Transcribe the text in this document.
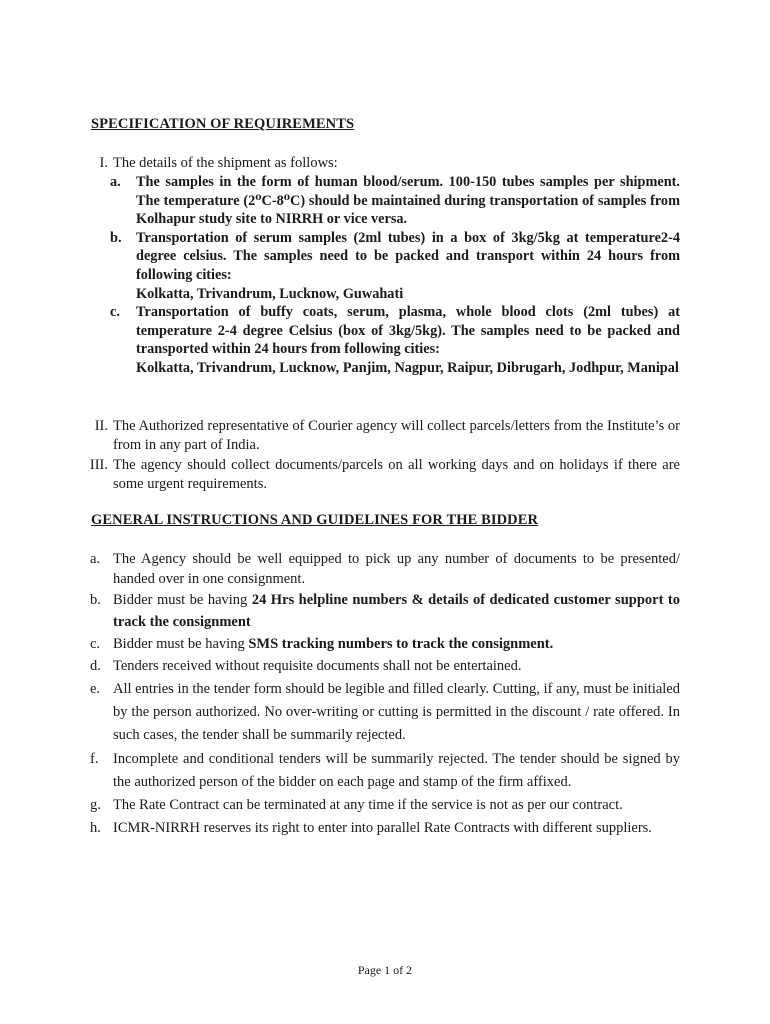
SPECIFICATION OF REQUIREMENTS
I. The details of the shipment as follows:
a.	The samples in the form of human blood/serum. 100-150 tubes samples per shipment. The temperature (2⁰C-8⁰C) should be maintained during transportation of samples from Kolhapur study site to NIRRH or vice versa.
b.	Transportation of serum samples (2ml tubes) in a box of 3kg/5kg at temperature2-4 degree celsius. The samples need to be packed and transport within 24 hours from following cities:
Kolkatta, Trivandrum, Lucknow, Guwahati
c.	Transportation of buffy coats, serum, plasma, whole blood clots (2ml tubes) at temperature 2-4 degree Celsius (box of 3kg/5kg). The samples need to be packed and transported within 24 hours from following cities:
Kolkatta, Trivandrum, Lucknow, Panjim, Nagpur, Raipur, Dibrugarh, Jodhpur, Manipal
II. The Authorized representative of Courier agency will collect parcels/letters from the Institute’s or from in any part of India.
III. The agency should collect documents/parcels on all working days and on holidays if there are some urgent requirements.
GENERAL INSTRUCTIONS AND GUIDELINES FOR THE BIDDER
a. The Agency should be well equipped to pick up any number of documents to be presented/ handed over in one consignment.
b. Bidder must be having 24 Hrs helpline numbers & details of dedicated customer support to track the consignment
c. Bidder must be having SMS tracking numbers to track the consignment.
d. Tenders received without requisite documents shall not be entertained.
e. All entries in the tender form should be legible and filled clearly. Cutting, if any, must be initialed by the person authorized. No over-writing or cutting is permitted in the discount / rate offered. In such cases, the tender shall be summarily rejected.
f.	Incomplete and conditional tenders will be summarily rejected. The tender should be signed by the authorized person of the bidder on each page and stamp of the firm affixed.
g. The Rate Contract can be terminated at any time if the service is not as per our contract.
h. ICMR-NIRRH reserves its right to enter into parallel Rate Contracts with different suppliers.
Page 1 of 2
